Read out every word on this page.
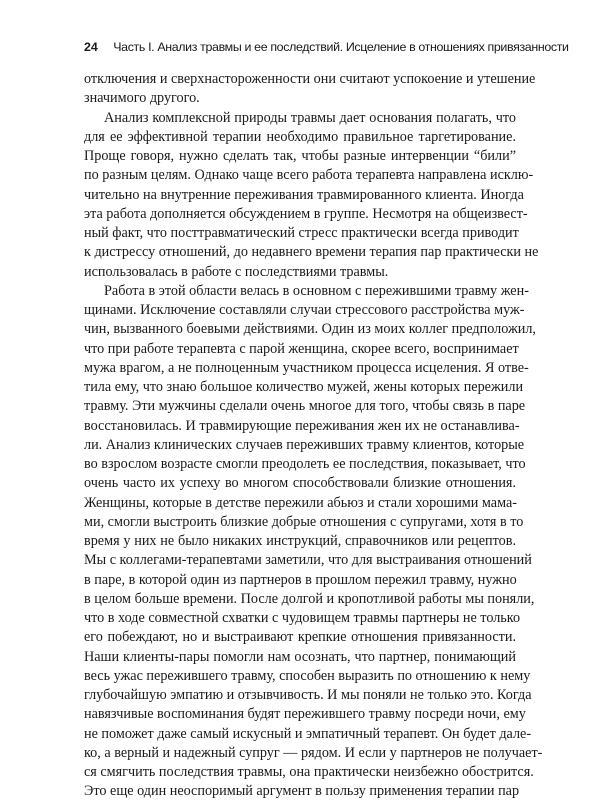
24 Часть I. Анализ травмы и ее последствий. Исцеление в отношениях привязанности
отключения и сверхнастороженности они считают успокоение и утешение
значимого другого.
Анализ комплексной природы травмы дает основания полагать, что
для ее эффективной терапии необходимо правильное таргетирование.
Проще говоря, нужно сделать так, чтобы разные интервенции “били”
по разным целям. Однако чаще всего работа терапевта направлена исклю-
чительно на внутренние переживания травмированного клиента. Иногда
эта работа дополняется обсуждением в группе. Несмотря на общеизвест-
ный факт, что посттравматический стресс практически всегда приводит
к дистрессу отношений, до недавнего времени терапия пар практически не
использовалась в работе с последствиями травмы.
Работа в этой области велась в основном с пережившими травму жен-
щинами. Исключение составляли случаи стрессового расстройства муж-
чин, вызванного боевыми действиями. Один из моих коллег предположил,
что при работе терапевта с парой женщина, скорее всего, воспринимает
мужа врагом, а не полноценным участником процесса исцеления. Я отве-
тила ему, что знаю большое количество мужей, жены которых пережили
травму. Эти мужчины сделали очень многое для того, чтобы связь в паре
восстановилась. И травмирующие переживания жен их не останавлива-
ли. Анализ клинических случаев переживших травму клиентов, которые
во взрослом возрасте смогли преодолеть ее последствия, показывает, что
очень часто их успеху во многом способствовали близкие отношения.
Женщины, которые в детстве пережили абьюз и стали хорошими мама-
ми, смогли выстроить близкие добрые отношения с супругами, хотя в то
время у них не было никаких инструкций, справочников или рецептов.
Мы с коллегами-терапевтами заметили, что для выстраивания отношений
в паре, в которой один из партнеров в прошлом пережил травму, нужно
в целом больше времени. После долгой и кропотливой работы мы поняли,
что в ходе совместной схватки с чудовищем травмы партнеры не только
его побеждают, но и выстраивают крепкие отношения привязанности.
Наши клиенты-пары помогли нам осознать, что партнер, понимающий
весь ужас пережившего травму, способен выразить по отношению к нему
глубочайшую эмпатию и отзывчивость. И мы поняли не только это. Когда
навязчивые воспоминания будят пережившего травму посреди ночи, ему
не поможет даже самый искусный и эмпатичный терапевт. Он будет дале-
ко, а верный и надежный супруг — рядом. И если у партнеров не получает-
ся смягчить последствия травмы, она практически неизбежно обострится.
Это еще один неоспоримый аргумент в пользу применения терапии пар
